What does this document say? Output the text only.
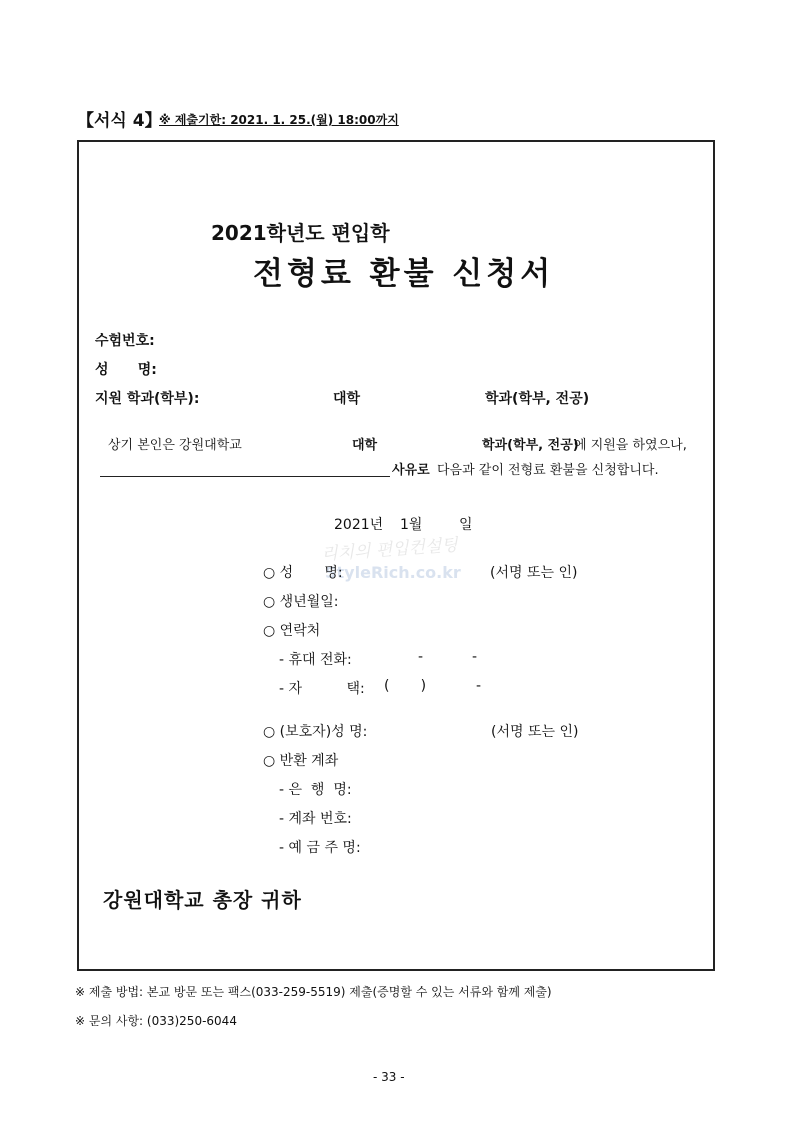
【서식 4】
※ 제출기한: 2021. 1. 25.(월) 18:00까지
2021학년도 편입학
전형료 환불 신청서
수험번호:
성      명:
지원 학과(학부):	대학	학과(학부, 전공)
상기 본인은 강원대학교	대학	학과(학부, 전공)
에 지원을 하였으나,
사유로 다음과 같이 전형료 환불을 신청합니다.
2021년 1월	일
리치의 편입컨설팅
StyleRich.co.kr
○ 성       명:	(서명 또는 인)
○ 생년월일:
○ 연락처
- 휴대 전화:	-	-
- 자          택: (       )	-
○ (보호자)성 명:	(서명 또는 인)
○ 반환 계좌
- 은  행  명:
- 계좌 번호:
- 예 금 주 명:
강원대학교 총장 귀하
※ 제출 방법: 본교 방문 또는 팩스(033-259-5519) 제출(증명할 수 있는 서류와 함께 제출)
※ 문의 사항: (033)250-6044
- 33 -
